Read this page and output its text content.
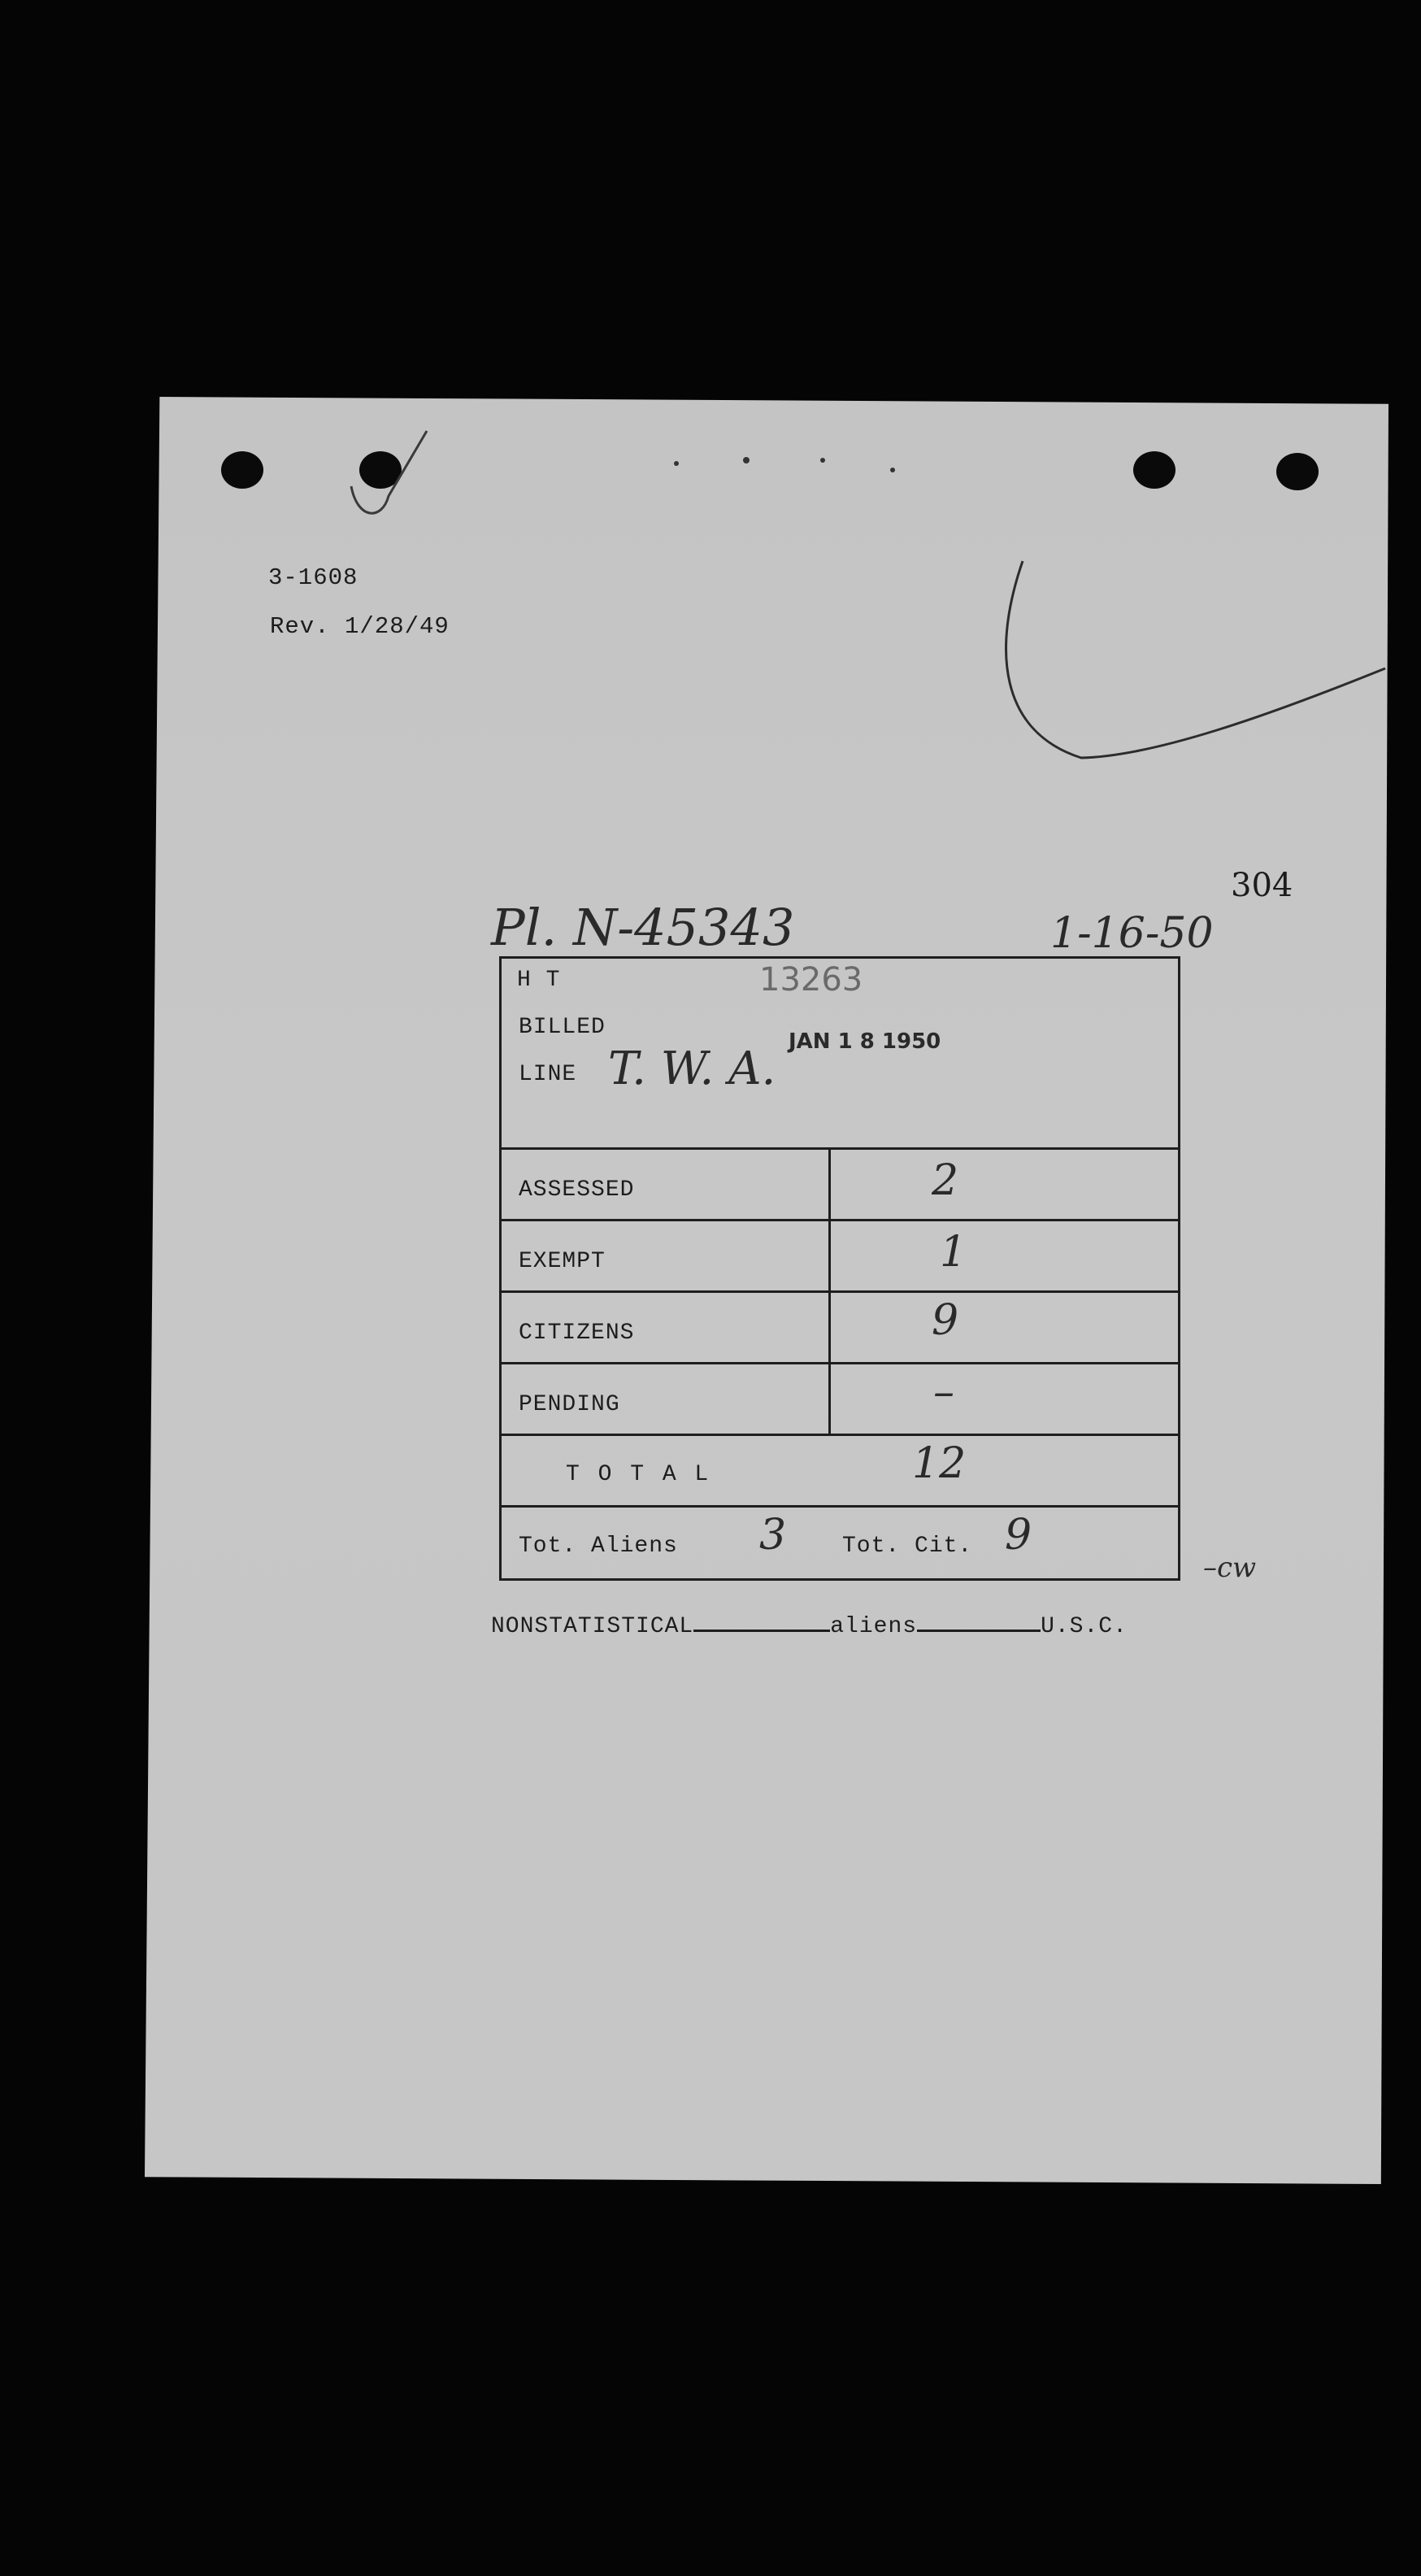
3-1608
Rev. 1/28/49
304
Pl. N-45343	1-16-50
H T	13263
BILLED
JAN 1 8 1950
LINE T. W. A.
ASSESSED	2
EXEMPT	1
CITIZENS	9
PENDING	–
T O T A L	12
Tot. Aliens 3 Tot. Cit. 9
–cw
NONSTATISTICAL	aliens	U.S.C.
